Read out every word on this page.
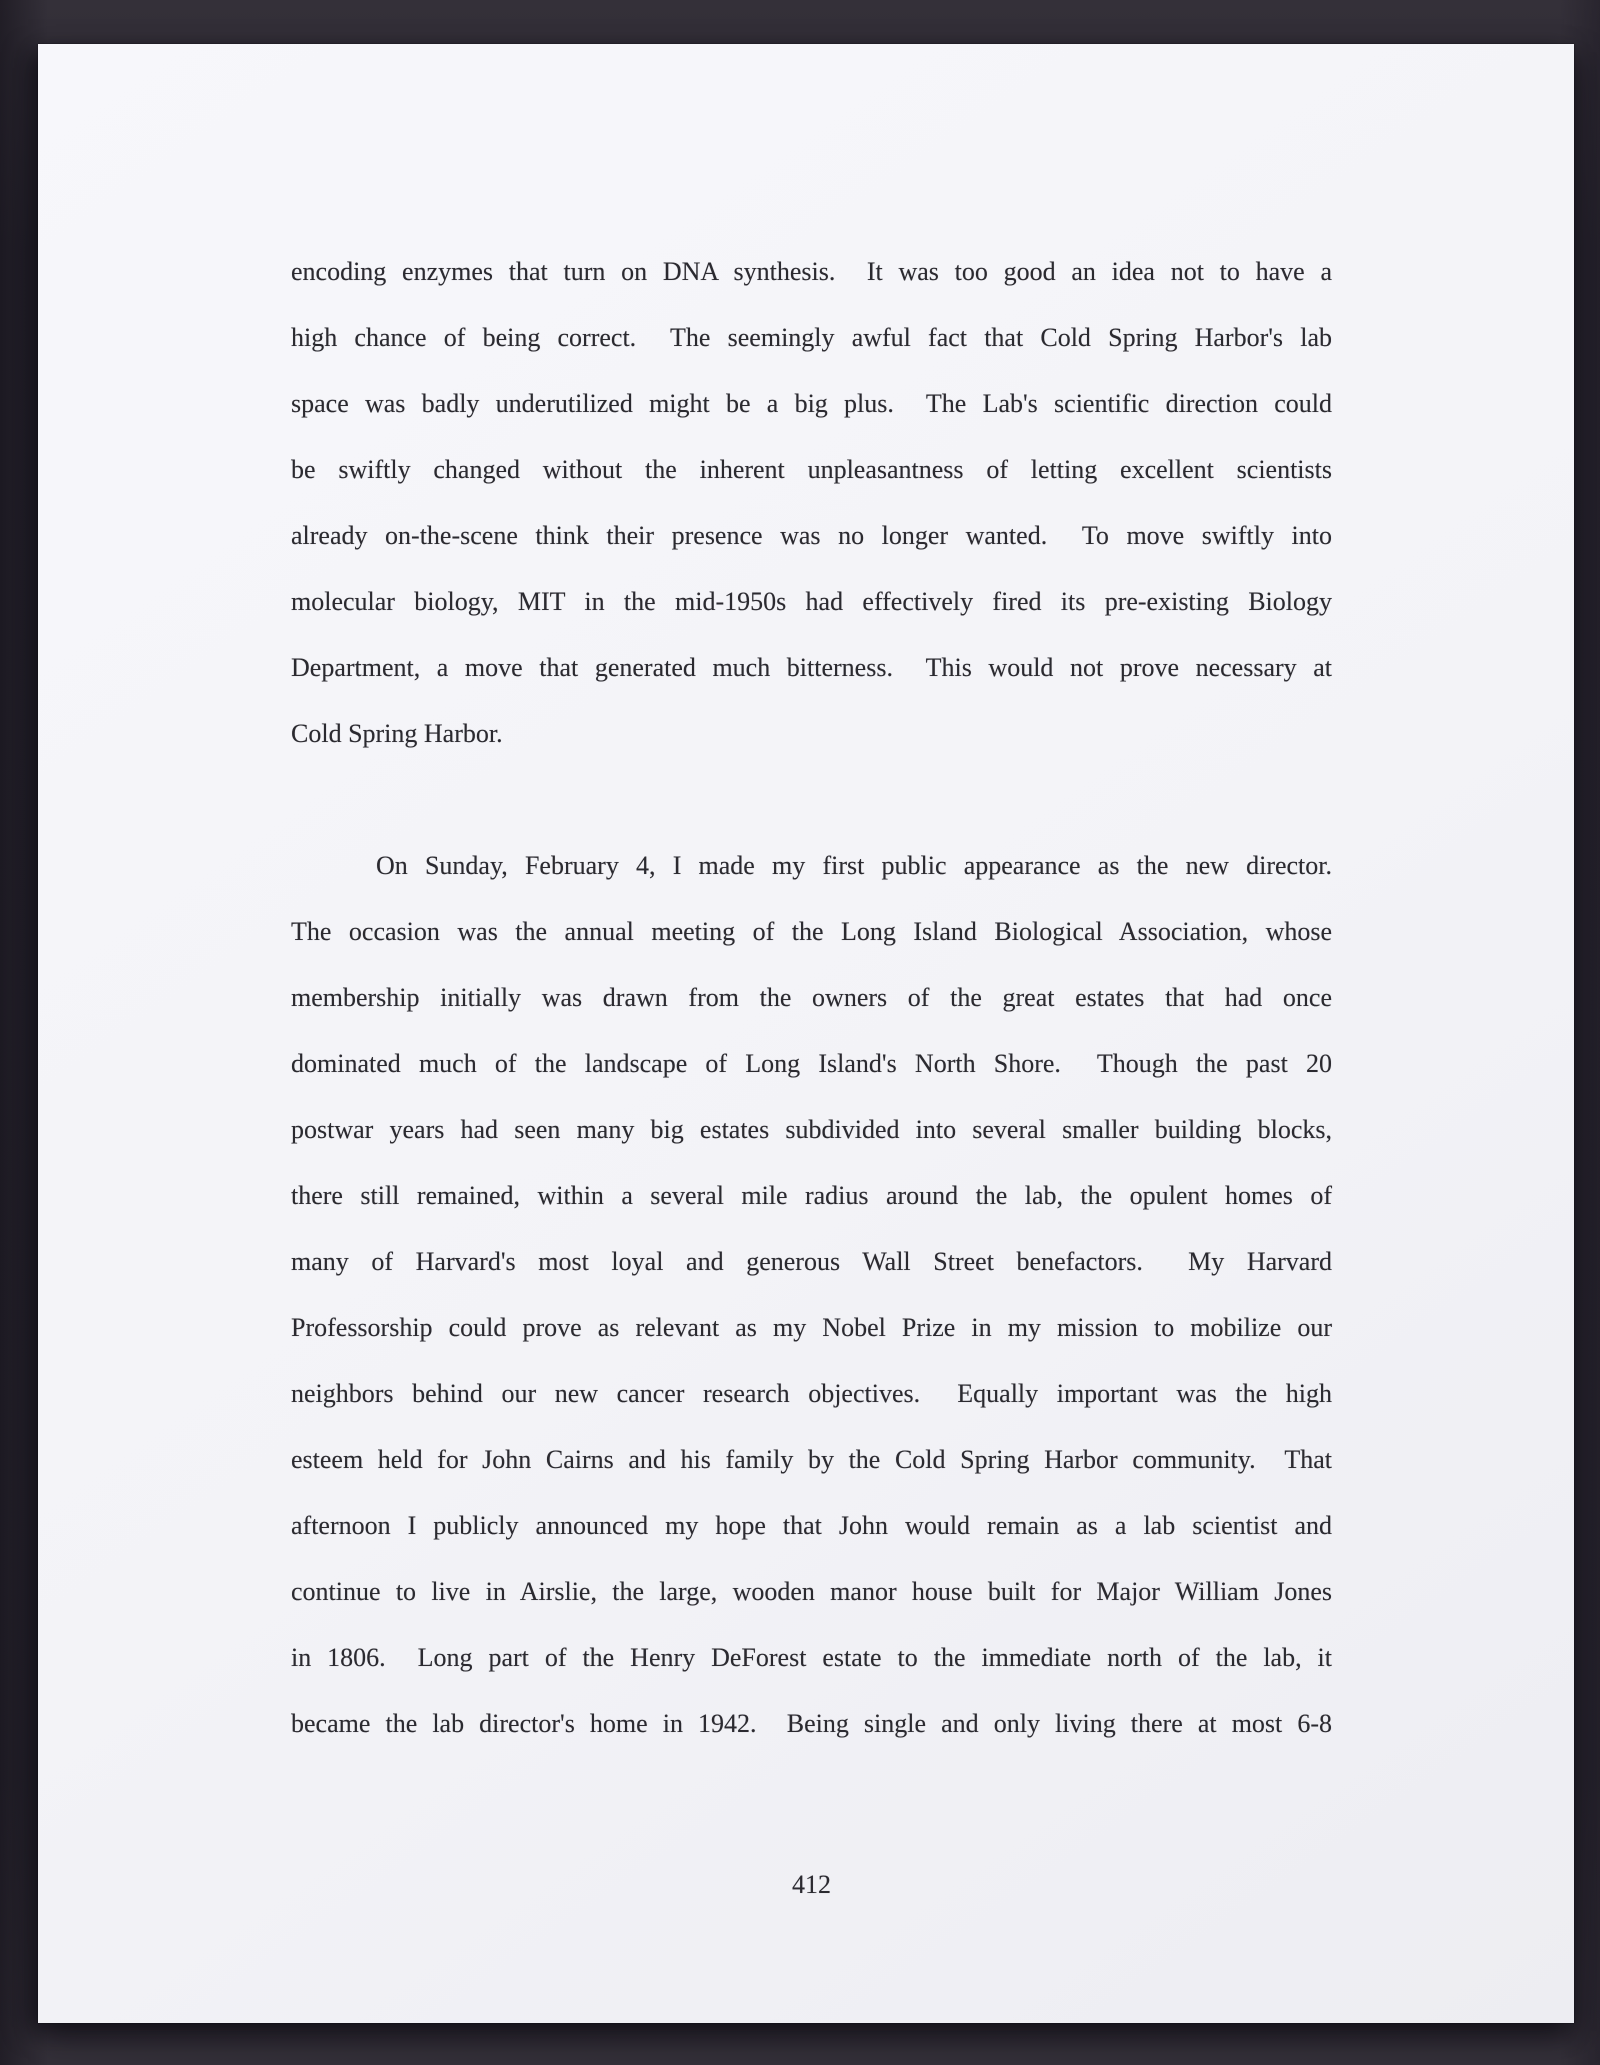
encoding enzymes that turn on DNA synthesis.  It was too good an idea not to have a
high chance of being correct.  The seemingly awful fact that Cold Spring Harbor's lab
space was badly underutilized might be a big plus.  The Lab's scientific direction could
be swiftly changed without the inherent unpleasantness of letting excellent scientists
already on-the-scene think their presence was no longer wanted.  To move swiftly into
molecular biology, MIT in the mid-1950s had effectively fired its pre-existing Biology
Department, a move that generated much bitterness.  This would not prove necessary at
Cold Spring Harbor.
On Sunday, February 4, I made my first public appearance as the new director.
The occasion was the annual meeting of the Long Island Biological Association, whose
membership initially was drawn from the owners of the great estates that had once
dominated much of the landscape of Long Island's North Shore.  Though the past 20
postwar years had seen many big estates subdivided into several smaller building blocks,
there still remained, within a several mile radius around the lab, the opulent homes of
many of Harvard's most loyal and generous Wall Street benefactors.  My Harvard
Professorship could prove as relevant as my Nobel Prize in my mission to mobilize our
neighbors behind our new cancer research objectives.  Equally important was the high
esteem held for John Cairns and his family by the Cold Spring Harbor community.  That
afternoon I publicly announced my hope that John would remain as a lab scientist and
continue to live in Airslie, the large, wooden manor house built for Major William Jones
in 1806.  Long part of the Henry DeForest estate to the immediate north of the lab, it
became the lab director's home in 1942.  Being single and only living there at most 6-8
412
